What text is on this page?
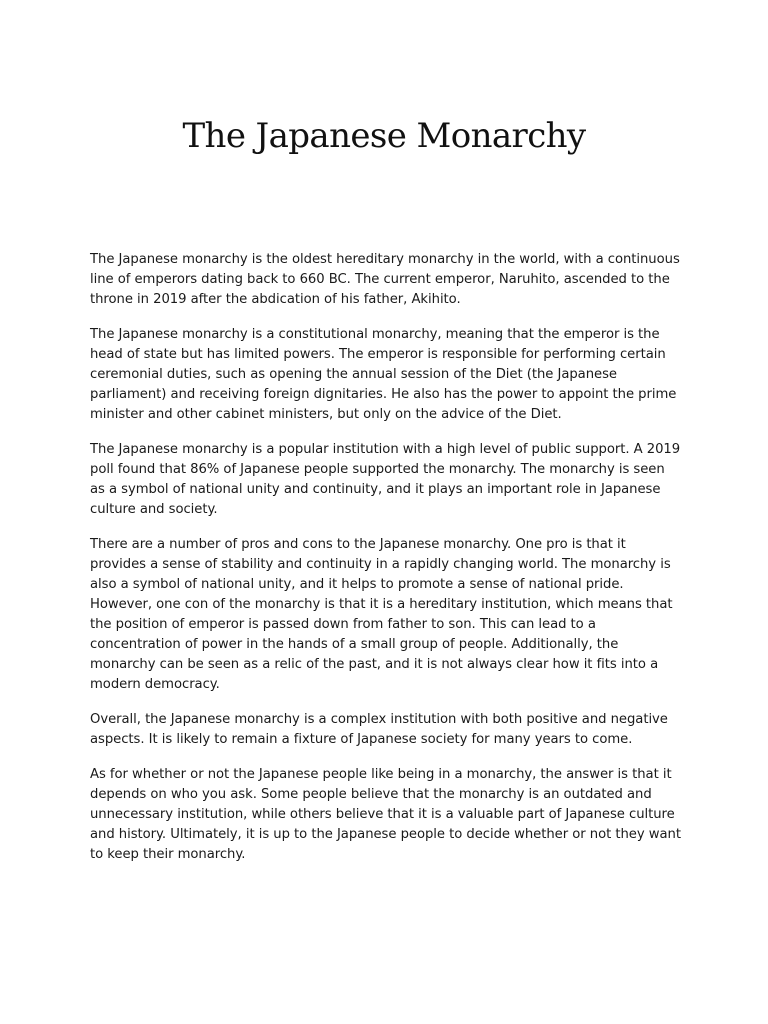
The Japanese Monarchy

The Japanese monarchy is the oldest hereditary monarchy in the world, with a continuous line of emperors dating back to 660 BC. The current emperor, Naruhito, ascended to the throne in 2019 after the abdication of his father, Akihito.

The Japanese monarchy is a constitutional monarchy, meaning that the emperor is the head of state but has limited powers. The emperor is responsible for performing certain ceremonial duties, such as opening the annual session of the Diet (the Japanese parliament) and receiving foreign dignitaries. He also has the power to appoint the prime minister and other cabinet ministers, but only on the advice of the Diet.

The Japanese monarchy is a popular institution with a high level of public support. A 2019 poll found that 86% of Japanese people supported the monarchy. The monarchy is seen as a symbol of national unity and continuity, and it plays an important role in Japanese culture and society.

There are a number of pros and cons to the Japanese monarchy. One pro is that it provides a sense of stability and continuity in a rapidly changing world. The monarchy is also a symbol of national unity, and it helps to promote a sense of national pride. However, one con of the monarchy is that it is a hereditary institution, which means that the position of emperor is passed down from father to son. This can lead to a concentration of power in the hands of a small group of people. Additionally, the monarchy can be seen as a relic of the past, and it is not always clear how it fits into a modern democracy.

Overall, the Japanese monarchy is a complex institution with both positive and negative aspects. It is likely to remain a fixture of Japanese society for many years to come.

As for whether or not the Japanese people like being in a monarchy, the answer is that it depends on who you ask. Some people believe that the monarchy is an outdated and unnecessary institution, while others believe that it is a valuable part of Japanese culture and history. Ultimately, it is up to the Japanese people to decide whether or not they want to keep their monarchy.
